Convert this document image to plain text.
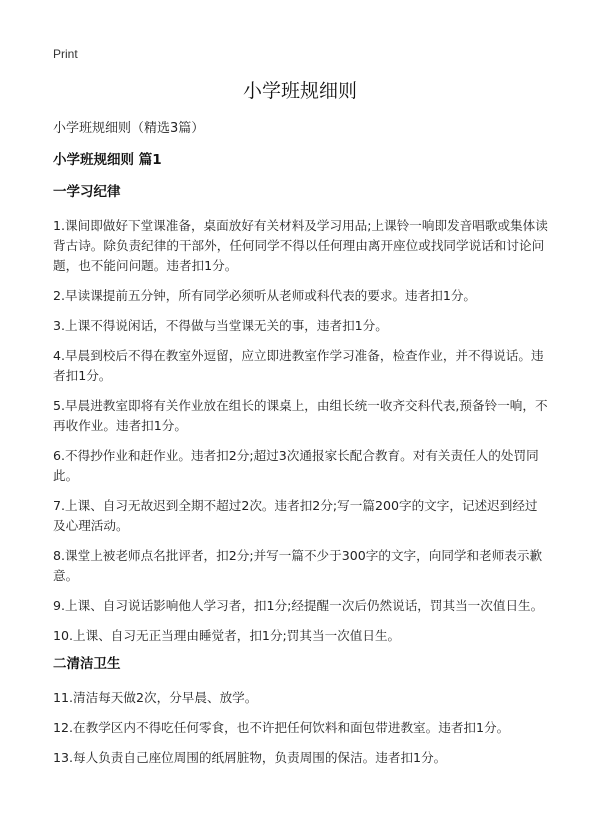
Print
小学班规细则
小学班规细则（精选3篇）
小学班规细则 篇1
一学习纪律

1.课间即做好下堂课准备，桌面放好有关材料及学习用品;上课铃一响即发音唱歌或集体读背古诗。除负责纪律的干部外，任何同学不得以任何理由离开座位或找同学说话和讨论问题，也不能问问题。违者扣1分。

2.早读课提前五分钟，所有同学必须听从老师或科代表的要求。违者扣1分。

3.上课不得说闲话，不得做与当堂课无关的事，违者扣1分。

4.早晨到校后不得在教室外逗留，应立即进教室作学习准备，检查作业，并不得说话。违者扣1分。

5.早晨进教室即将有关作业放在组长的课桌上，由组长统一收齐交科代表,预备铃一响，不再收作业。违者扣1分。

6.不得抄作业和赶作业。违者扣2分;超过3次通报家长配合教育。对有关责任人的处罚同此。

7.上课、自习无故迟到全期不超过2次。违者扣2分;写一篇200字的文字，记述迟到经过及心理活动。

8.课堂上被老师点名批评者，扣2分;并写一篇不少于300字的文字，向同学和老师表示歉意。

9.上课、自习说话影响他人学习者，扣1分;经提醒一次后仍然说话，罚其当一次值日生。

10.上课、自习无正当理由睡觉者，扣1分;罚其当一次值日生。

二清洁卫生

11.清洁每天做2次，分早晨、放学。

12.在教学区内不得吃任何零食，也不许把任何饮料和面包带进教室。违者扣1分。

13.每人负责自己座位周围的纸屑脏物，负责周围的保洁。违者扣1分。
